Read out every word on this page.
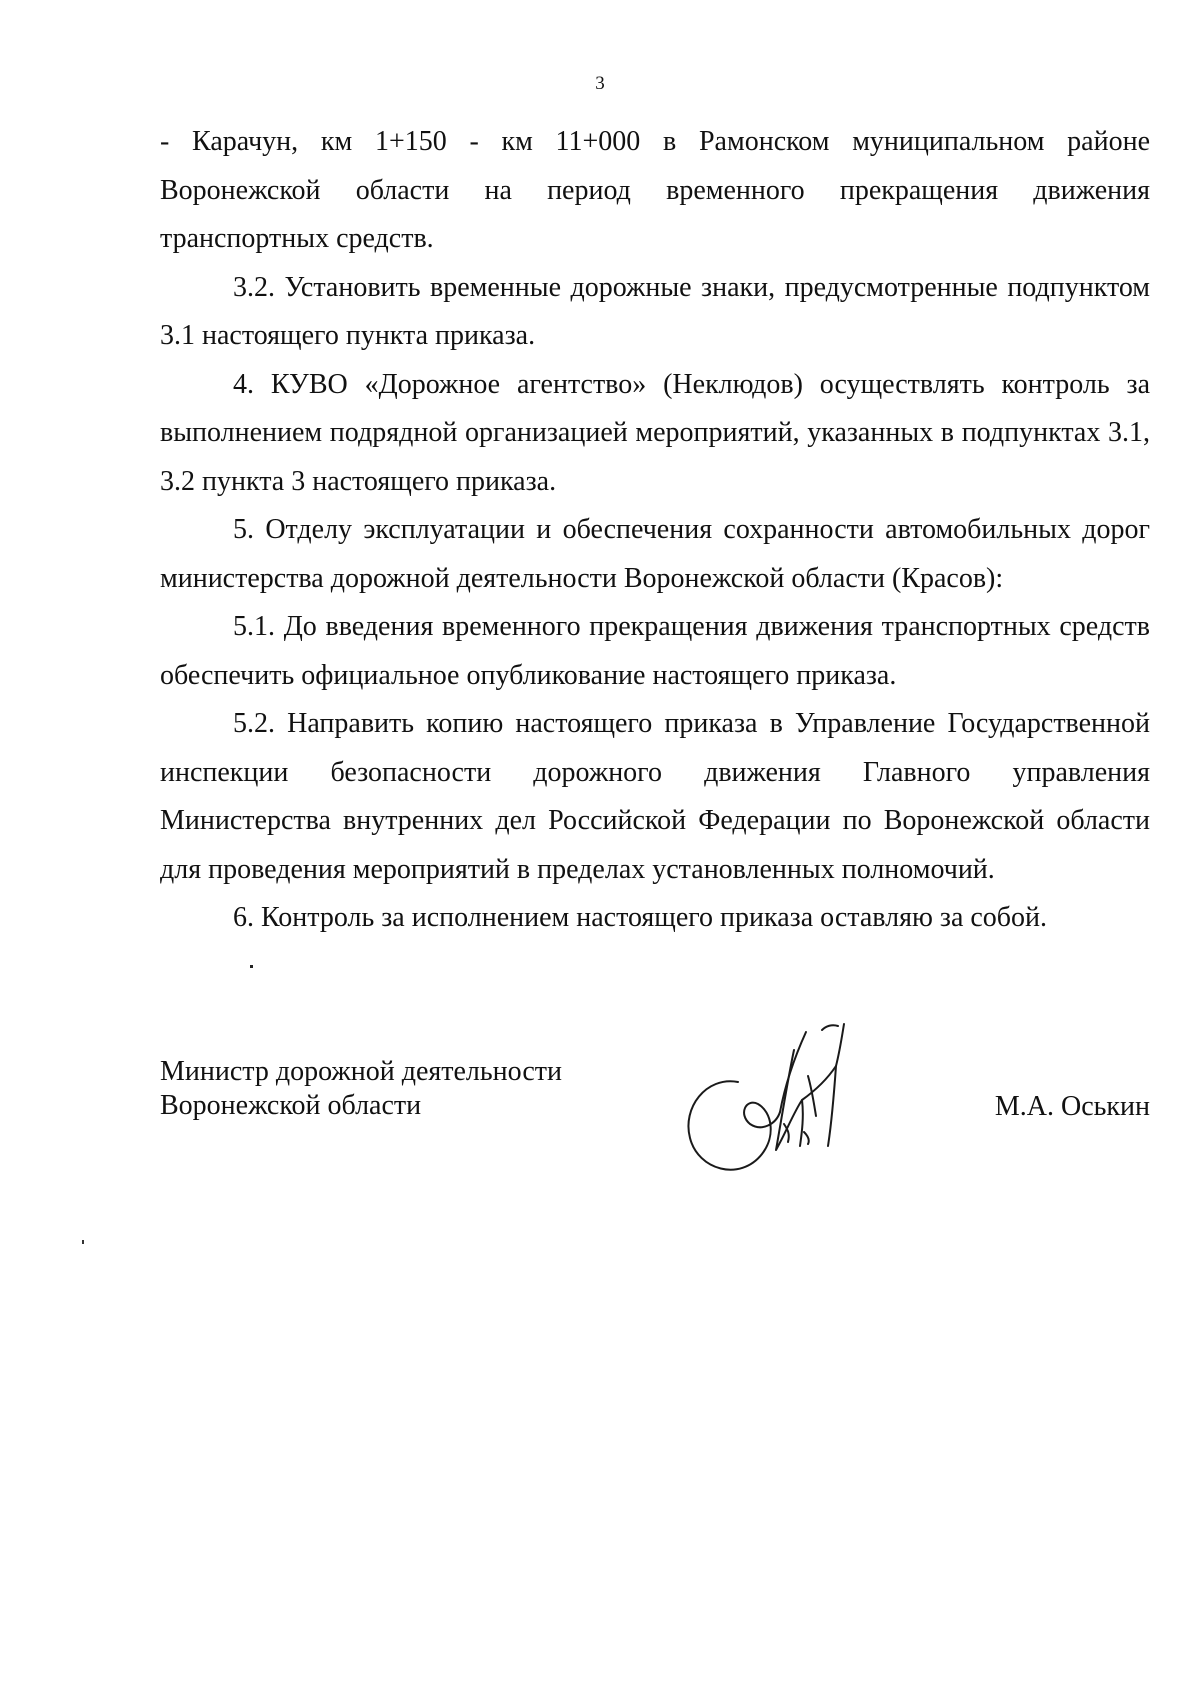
3

- Карачун, км 1+150 - км 11+000 в Рамонском муниципальном районе Воронежской области на период временного прекращения движения транспортных средств.

3.2. Установить временные дорожные знаки, предусмотренные подпунктом 3.1 настоящего пункта приказа.

4. КУВО «Дорожное агентство» (Неклюдов) осуществлять контроль за выполнением подрядной организацией мероприятий, указанных в подпунктах 3.1, 3.2 пункта 3 настоящего приказа.

5. Отделу эксплуатации и обеспечения сохранности автомобильных дорог министерства дорожной деятельности Воронежской области (Красов):

5.1. До введения временного прекращения движения транспортных средств обеспечить официальное опубликование настоящего приказа.

5.2. Направить копию настоящего приказа в Управление Государственной инспекции безопасности дорожного движения Главного управления Министерства внутренних дел Российской Федерации по Воронежской области для проведения мероприятий в пределах установленных полномочий.

6. Контроль за исполнением настоящего приказа оставляю за собой.

Министр дорожной деятельности
Воронежской области	М.А. Оськин
